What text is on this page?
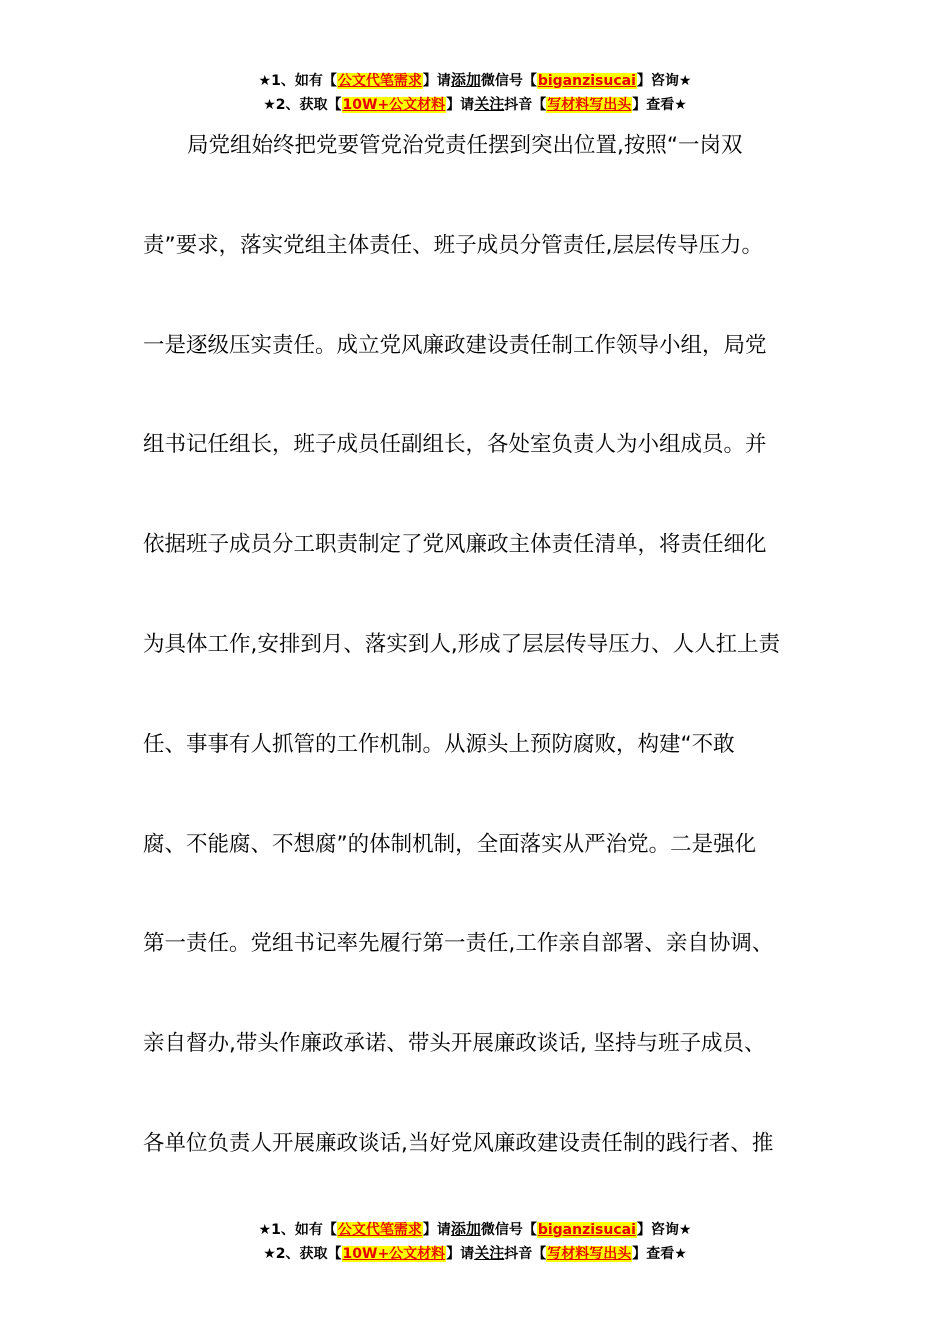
★1、如有【公文代笔需求】请添加微信号【biganzisucai】咨询★
★2、获取【10W+公文材料】请关注抖音【写材料写出头】查看★
局党组始终把党要管党治党责任摆到突出位置,按照“一岗双
责”要求，落实党组主体责任、班子成员分管责任,层层传导压力。
一是逐级压实责任。成立党风廉政建设责任制工作领导小组，局党
组书记任组长，班子成员任副组长，各处室负责人为小组成员。并
依据班子成员分工职责制定了党风廉政主体责任清单，将责任细化
为具体工作,安排到月、落实到人,形成了层层传导压力、人人扛上责
任、事事有人抓管的工作机制。从源头上预防腐败，构建“不敢
腐、不能腐、不想腐”的体制机制，全面落实从严治党。二是强化
第一责任。党组书记率先履行第一责任,工作亲自部署、亲自协调、
亲自督办,带头作廉政承诺、带头开展廉政谈话, 坚持与班子成员、
各单位负责人开展廉政谈话,当好党风廉政建设责任制的践行者、推
★1、如有【公文代笔需求】请添加微信号【biganzisucai】咨询★
★2、获取【10W+公文材料】请关注抖音【写材料写出头】查看★
